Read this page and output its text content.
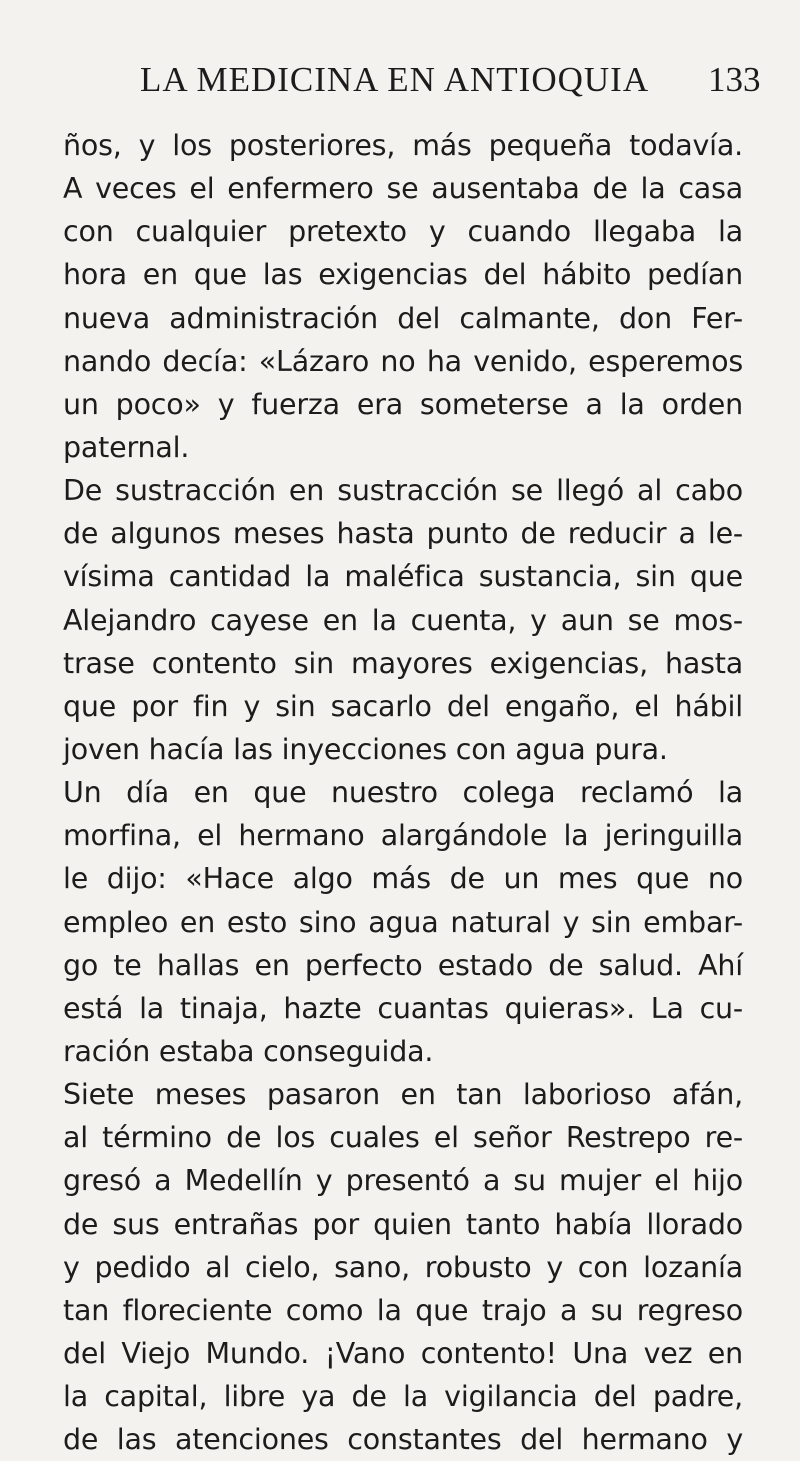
LA MEDICINA EN ANTIOQUIA 133
ños, y los posteriores, más pequeña todavía.
A veces el enfermero se ausentaba de la casa
con cualquier pretexto y cuando llegaba la
hora en que las exigencias del hábito pedían
nueva administración del calmante, don Fer-
nando decía: «Lázaro no ha venido, esperemos
un poco» y fuerza era someterse a la orden
paternal.
De sustracción en sustracción se llegó al cabo
de algunos meses hasta punto de reducir a le-
vísima cantidad la maléfica sustancia, sin que
Alejandro cayese en la cuenta, y aun se mos-
trase contento sin mayores exigencias, hasta
que por fin y sin sacarlo del engaño, el hábil
joven hacía las inyecciones con agua pura.
Un día en que nuestro colega reclamó la
morfina, el hermano alargándole la jeringuilla
le dijo: «Hace algo más de un mes que no
empleo en esto sino agua natural y sin embar-
go te hallas en perfecto estado de salud. Ahí
está la tinaja, hazte cuantas quieras». La cu-
ración estaba conseguida.
Siete meses pasaron en tan laborioso afán,
al término de los cuales el señor Restrepo re-
gresó a Medellín y presentó a su mujer el hijo
de sus entrañas por quien tanto había llorado
y pedido al cielo, sano, robusto y con lozanía
tan floreciente como la que trajo a su regreso
del Viejo Mundo. ¡Vano contento! Una vez en
la capital, libre ya de la vigilancia del padre,
de las atenciones constantes del hermano y
